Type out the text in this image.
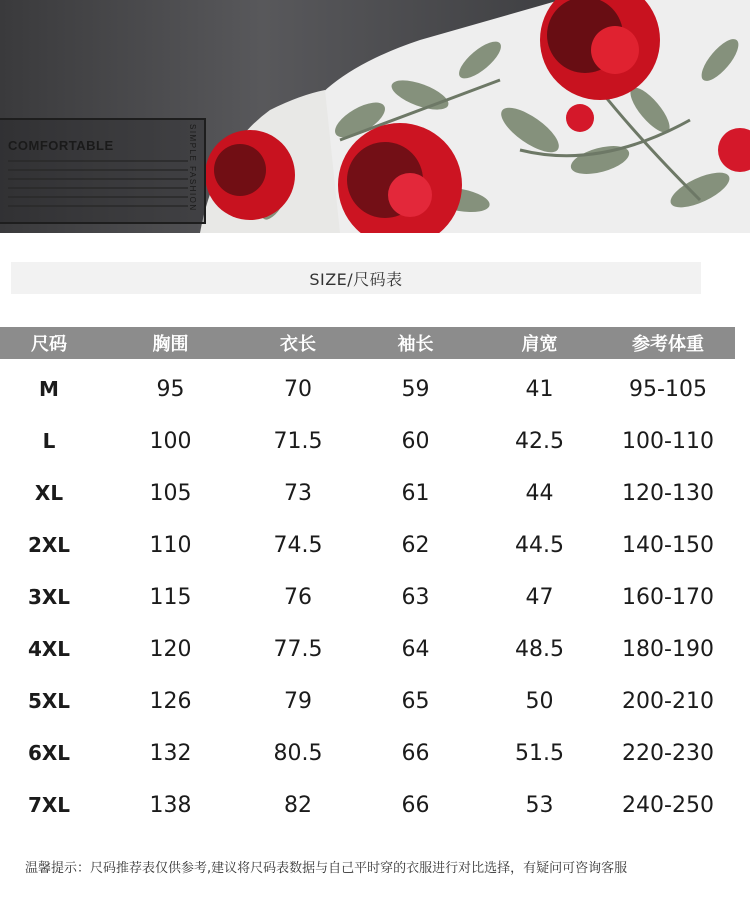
COMFORTABLE	SIMPLE FASHION
SIZE/尺码表
尺码	胸围	衣长	袖长	肩宽	参考体重
M	95	70	59	41	95-105
L	100	71.5	60	42.5	100-110
XL	105	73	61	44	120-130
2XL	110	74.5	62	44.5	140-150
3XL	115	76	63	47	160-170
4XL	120	77.5	64	48.5	180-190
5XL	126	79	65	50	200-210
6XL	132	80.5	66	51.5	220-230
7XL	138	82	66	53	240-250
温馨提示：尺码推荐表仅供参考,建议将尺码表数据与自己平时穿的衣服进行对比选择，有疑问可咨询客服
